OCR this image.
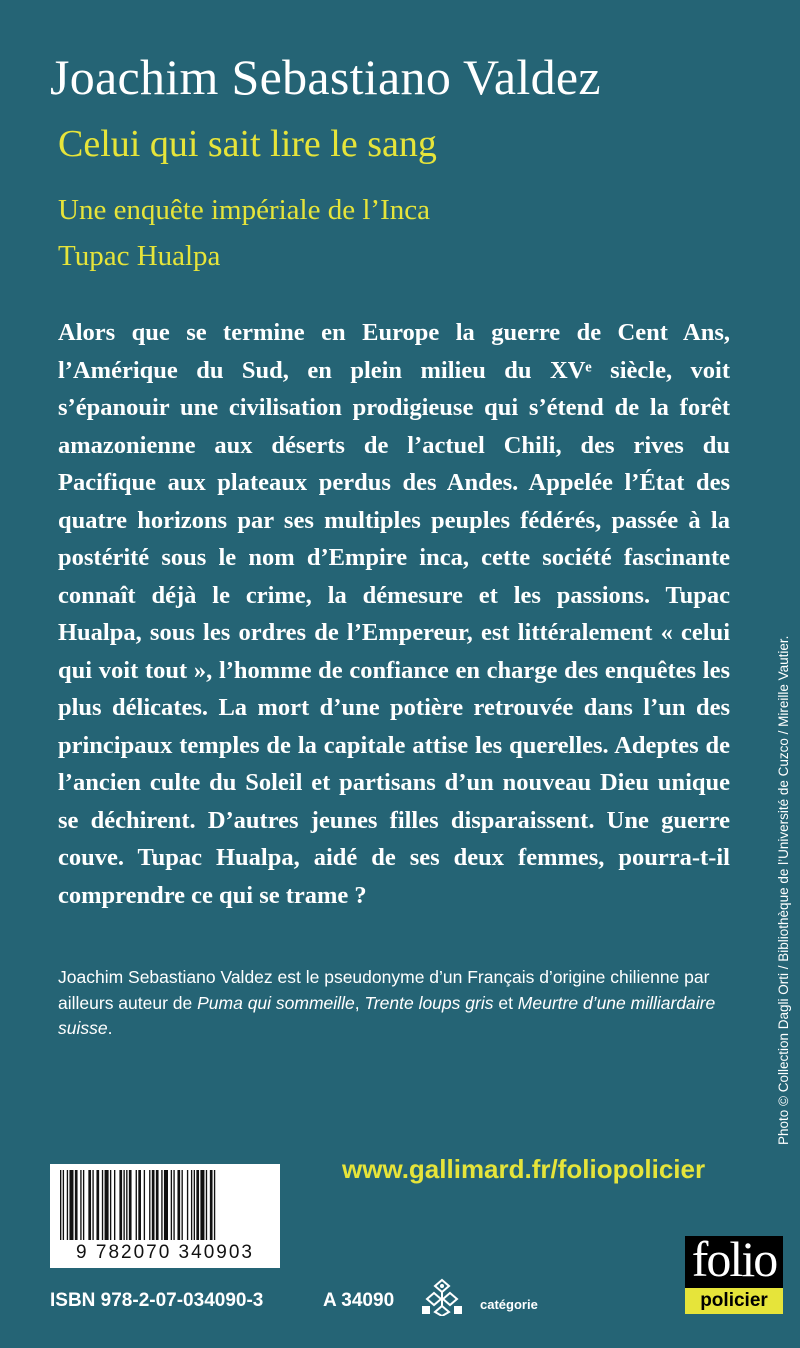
Joachim Sebastiano Valdez
Celui qui sait lire le sang
Une enquête impériale de l’Inca
Tupac Hualpa

Alors que se termine en Europe la guerre de Cent Ans, l’Amérique du Sud, en plein milieu du XVᵉ siècle, voit s’épanouir une civilisation prodigieuse qui s’étend de la forêt amazonienne aux déserts de l’actuel Chili, des rives du Pacifique aux plateaux perdus des Andes. Appelée l’État des quatre horizons par ses multiples peuples fédérés, passée à la postérité sous le nom d’Empire inca, cette société fascinante connaît déjà le crime, la démesure et les passions. Tupac Hualpa, sous les ordres de l’Empereur, est littéralement « celui qui voit tout », l’homme de confiance en charge des enquêtes les plus délicates. La mort d’une potière retrouvée dans l’un des principaux temples de la capitale attise les querelles. Adeptes de l’ancien culte du Soleil et partisans d’un nouveau Dieu unique se déchirent. D’autres jeunes filles disparaissent. Une guerre couve. Tupac Hualpa, aidé de ses deux femmes, pourra-t-il comprendre ce qui se trame ?

Joachim Sebastiano Valdez est le pseudonyme d’un Français d’origine chilienne par ailleurs auteur de Puma qui sommeille, Trente loups gris et Meurtre d’une milliardaire suisse.	Photo © Collection Dagli Orti / Bibliothèque de l’Université de Cuzco / Mireille Vautier.
www.gallimard.fr/foliopolicier
9 782070 340903
ISBN 978-2-07-034090-3	A 34090	catégorie
folio
policier
